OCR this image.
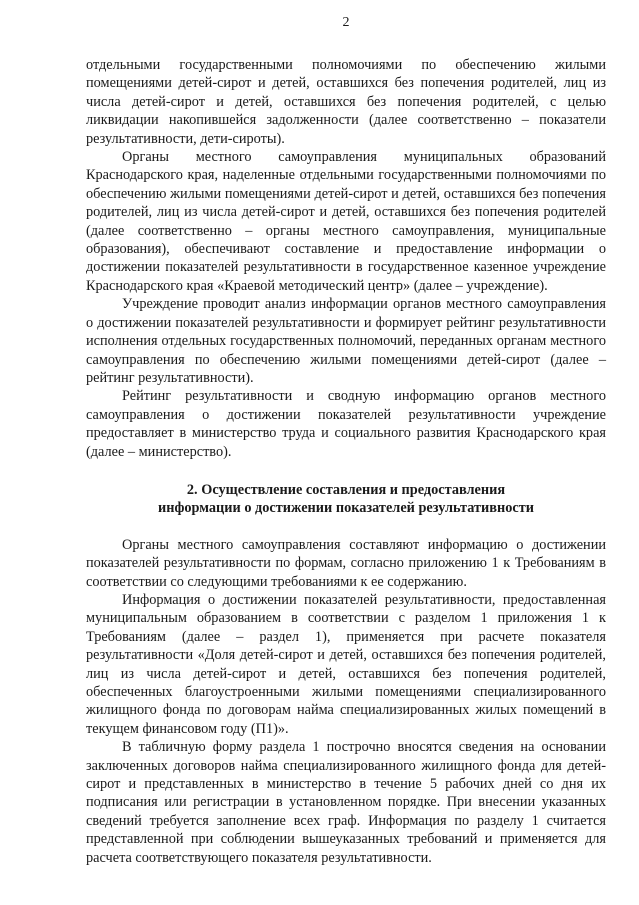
2

отдельными государственными полномочиями по обеспечению жилыми помещениями детей-сирот и детей, оставшихся без попечения родителей, лиц из числа детей-сирот и детей, оставшихся без попечения родителей, с целью ликвидации накопившейся задолженности (далее соответственно – показатели результативности, дети-сироты).

Органы местного самоуправления муниципальных образований Краснодарского края, наделенные отдельными государственными полномочиями по обеспечению жилыми помещениями детей-сирот и детей, оставшихся без попечения родителей, лиц из числа детей-сирот и детей, оставшихся без попечения родителей (далее соответственно – органы местного самоуправления, муниципальные образования), обеспечивают составление и предоставление информации о достижении показателей результативности в государственное казенное учреждение Краснодарского края «Краевой методический центр» (далее – учреждение).

Учреждение проводит анализ информации органов местного самоуправления о достижении показателей результативности и формирует рейтинг результативности исполнения отдельных государственных полномочий, переданных органам местного самоуправления по обеспечению жилыми помещениями детей-сирот (далее – рейтинг результативности).

Рейтинг результативности и сводную информацию органов местного самоуправления о достижении показателей результативности учреждение предоставляет в министерство труда и социального развития Краснодарского края (далее – министерство).

2. Осуществление составления и предоставления
информации о достижении показателей результативности

Органы местного самоуправления составляют информацию о достижении показателей результативности по формам, согласно приложению 1 к Требованиям в соответствии со следующими требованиями к ее содержанию.

Информация о достижении показателей результативности, предоставленная муниципальным образованием в соответствии с разделом 1 приложения 1 к Требованиям (далее – раздел 1), применяется при расчете показателя результативности «Доля детей-сирот и детей, оставшихся без попечения родителей, лиц из числа детей-сирот и детей, оставшихся без попечения родителей, обеспеченных благоустроенными жилыми помещениями специализированного жилищного фонда по договорам найма специализированных жилых помещений в текущем финансовом году (П1)».

В табличную форму раздела 1 построчно вносятся сведения на основании заключенных договоров найма специализированного жилищного фонда для детей-сирот и представленных в министерство в течение 5 рабочих дней со дня их подписания или регистрации в установленном порядке. При внесении указанных сведений требуется заполнение всех граф. Информация по разделу 1 считается представленной при соблюдении вышеуказанных требований и применяется для расчета соответствующего показателя результативности.
